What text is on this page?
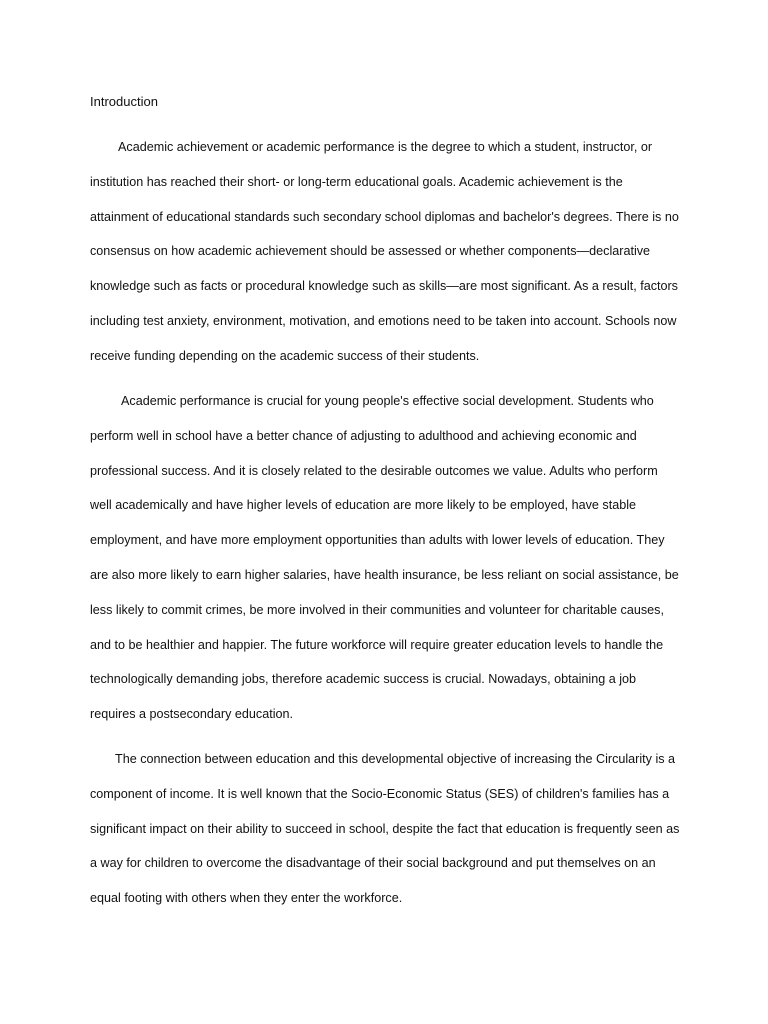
Introduction

Academic achievement or academic performance is the degree to which a student, instructor, or institution has reached their short- or long-term educational goals. Academic achievement is the attainment of educational standards such secondary school diplomas and bachelor's degrees. There is no consensus on how academic achievement should be assessed or whether components—declarative knowledge such as facts or procedural knowledge such as skills—are most significant. As a result, factors including test anxiety, environment, motivation, and emotions need to be taken into account. Schools now receive funding depending on the academic success of their students.

Academic performance is crucial for young people's effective social development. Students who perform well in school have a better chance of adjusting to adulthood and achieving economic and professional success. And it is closely related to the desirable outcomes we value. Adults who perform well academically and have higher levels of education are more likely to be employed, have stable employment, and have more employment opportunities than adults with lower levels of education. They are also more likely to earn higher salaries, have health insurance, be less reliant on social assistance, be less likely to commit crimes, be more involved in their communities and volunteer for charitable causes, and to be healthier and happier. The future workforce will require greater education levels to handle the technologically demanding jobs, therefore academic success is crucial. Nowadays, obtaining a job requires a postsecondary education.

The connection between education and this developmental objective of increasing the Circularity is a component of income. It is well known that the Socio-Economic Status (SES) of children's families has a significant impact on their ability to succeed in school, despite the fact that education is frequently seen as a way for children to overcome the disadvantage of their social background and put themselves on an equal footing with others when they enter the workforce.
